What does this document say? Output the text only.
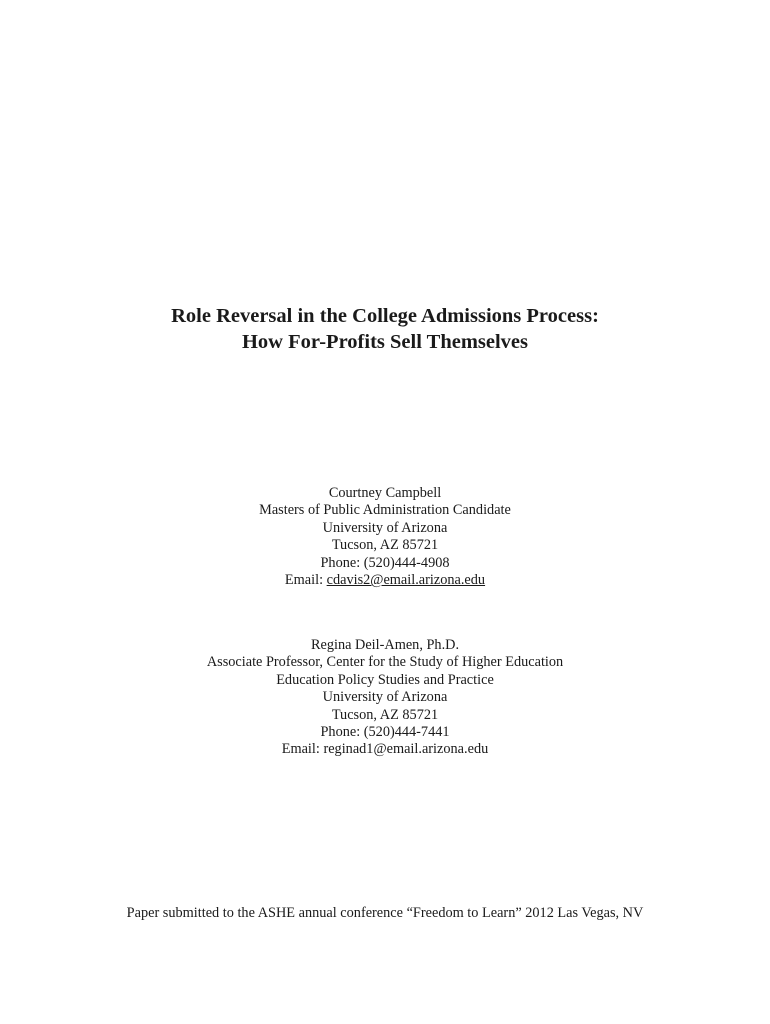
Role Reversal in the College Admissions Process:

How For-Profits Sell Themselves

Courtney Campbell
Masters of Public Administration Candidate
University of Arizona
Tucson, AZ 85721
Phone: (520)444-4908
Email: cdavis2@email.arizona.edu
Regina Deil-Amen, Ph.D.
Associate Professor, Center for the Study of Higher Education
Education Policy Studies and Practice
University of Arizona
Tucson, AZ 85721
Phone: (520)444-7441
Email: reginad1@email.arizona.edu
Paper submitted to the ASHE annual conference “Freedom to Learn” 2012 Las Vegas, NV
